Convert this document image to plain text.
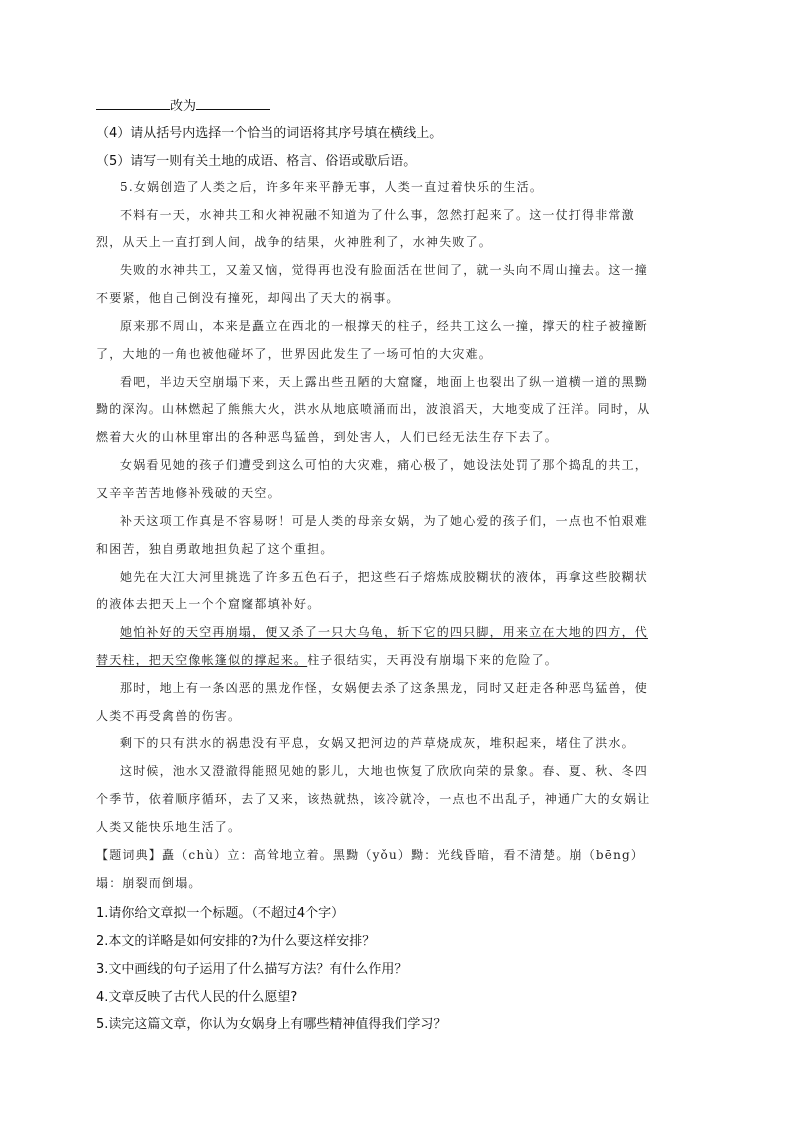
改为
（4）请从括号内选择一个恰当的词语将其序号填在横线上。
（5）请写一则有关土地的成语、格言、俗语或歇后语。
5.女娲创造了人类之后，许多年来平静无事，人类一直过着快乐的生活。
不料有一天，水神共工和火神祝融不知道为了什么事，忽然打起来了。这一仗打得非常激
烈，从天上一直打到人间，战争的结果，火神胜利了，水神失败了。
失败的水神共工，又羞又恼，觉得再也没有脸面活在世间了，就一头向不周山撞去。这一撞
不要紧，他自己倒没有撞死，却闯出了天大的祸事。
原来那不周山，本来是矗立在西北的一根撑天的柱子，经共工这么一撞，撑天的柱子被撞断
了，大地的一角也被他碰坏了，世界因此发生了一场可怕的大灾难。
看吧，半边天空崩塌下来，天上露出些丑陋的大窟窿，地面上也裂出了纵一道横一道的黑黝
黝的深沟。山林燃起了熊熊大火，洪水从地底喷涌而出，波浪滔天，大地变成了汪洋。同时，从
燃着大火的山林里窜出的各种恶鸟猛兽，到处害人，人们已经无法生存下去了。
女娲看见她的孩子们遭受到这么可怕的大灾难，痛心极了，她设法处罚了那个捣乱的共工，
又辛辛苦苦地修补残破的天空。
补天这项工作真是不容易呀！可是人类的母亲女娲，为了她心爱的孩子们，一点也不怕艰难
和困苦，独自勇敢地担负起了这个重担。
她先在大江大河里挑选了许多五色石子，把这些石子熔炼成胶糊状的液体，再拿这些胶糊状
的液体去把天上一个个窟窿都填补好。
她怕补好的天空再崩塌，便又杀了一只大乌龟，斩下它的四只脚，用来立在大地的四方，代
替天柱，把天空像帐篷似的撑起来。柱子很结实，天再没有崩塌下来的危险了。
那时，地上有一条凶恶的黑龙作怪，女娲便去杀了这条黑龙，同时又赶走各种恶鸟猛兽，使
人类不再受禽兽的伤害。
剩下的只有洪水的祸患没有平息，女娲又把河边的芦草烧成灰，堆积起来，堵住了洪水。
这时候，池水又澄澈得能照见她的影儿，大地也恢复了欣欣向荣的景象。春、夏、秋、冬四
个季节，依着顺序循环，去了又来，该热就热，该冷就冷，一点也不出乱子，神通广大的女娲让
人类又能快乐地生活了。
【题词典】矗（chù）立：高耸地立着。黑黝（yǒu）黝：光线昏暗，看不清楚。崩（bēng）
塌：崩裂而倒塌。
1.请你给文章拟一个标题。（不超过4个字）
2.本文的详略是如何安排的?为什么要这样安排？
3.文中画线的句子运用了什么描写方法？有什么作用？
4.文章反映了古代人民的什么愿望?
5.读完这篇文章，你认为女娲身上有哪些精神值得我们学习？
